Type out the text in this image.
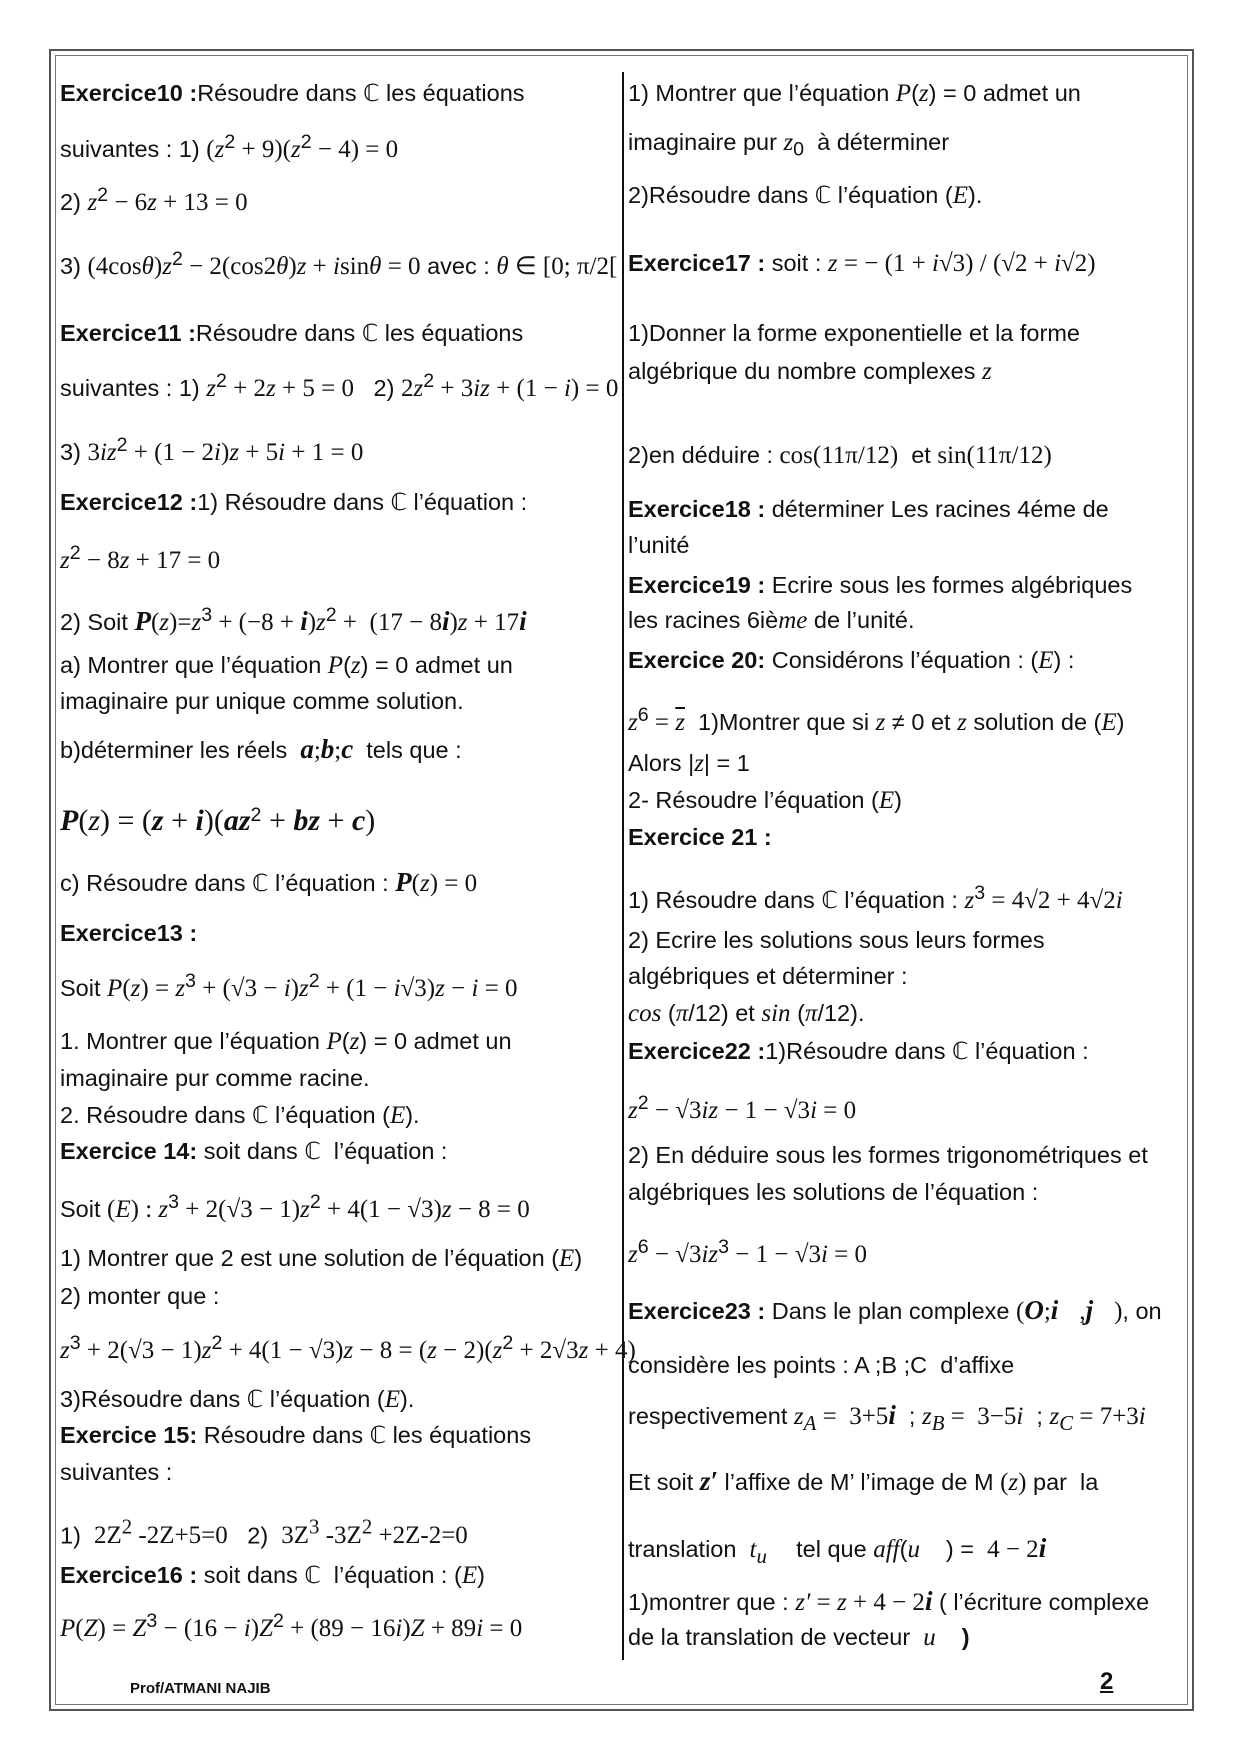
Exercice10 :Résoudre dans ℂ les équations
suivantes : 1) $(z^2 + 9)(z^2 - 4) = 0$
2) $z^2 - 6z + 13 = 0$
3) $(4\cos\theta)z^2 - 2(\cos 2\theta)z + isin\theta = 0$ avec : θ ∈ [0; π/2[
Exercice11 :Résoudre dans ℂ les équations
suivantes : 1) $z^2 + 2z + 5 = 0$   2) $2z^2 + 3iz + (1 - i) = 0$
3) $3iz^2 + (1 - 2i)z + 5i + 1 = 0$
Exercice12 :1) Résoudre dans ℂ l’équation :
$z^2 - 8z + 17 = 0$
2) Soit $P(z)=z^3 + (-8 + i)z^2 + (17 - 8i)z + 17i$
a) Montrer que l’équation P(z) = 0 admet un
imaginaire pur unique comme solution.
b)déterminer les réels  a;b;c  tels que :
$P(z) = (z + i)(az^2$ + bz + c)
c) Résoudre dans ℂ l’équation : P(z) = 0
Exercice13 :
Soit $P(z) = z^3 + (√3 - i)z^2 + (1 - i√3)z - i = 0$
1. Montrer que l’équation P(z) = 0 admet un
imaginaire pur comme racine.
2. Résoudre dans ℂ l’équation (E).
Exercice 14: soit dans ℂ  l’équation :
Soit (E) : $z^3 + 2(√3 - 1)z^2 + 4(1 - √3)z - 8 = 0$
1) Montrer que 2 est une solution de l’équation (E)
2) monter que :
$z^3 + 2(√3 - 1)z^2 + 4(1 - √3)z - 8 = (z - 2)(z^2 + 2√3z + 4)$
3)Résoudre dans ℂ l’équation (E).
Exercice 15: Résoudre dans ℂ les équations
suivantes :
1)  $2Z^2$ -2Z+5=0   2)  $3Z^3$ $-3Z^2 +2Z-2=0$
Exercice16 : soit dans ℂ  l’équation : (E)
$P(Z) = Z^3 - (16 - i)Z^2 + (89 - 16i)Z + 89i = 0$
1) Montrer que l’équation P(z) = 0 admet un
imaginaire pur $z_0$  à déterminer
2)Résoudre dans ℂ l’équation (E).
Exercice17 : soit : z = − (1 + i√3) / (√2 + i√2)
1)Donner la forme exponentielle et la forme
algébrique du nombre complexes z
2)en déduire : cos(11π/12)  et sin(11π/12)
Exercice18 : déterminer Les racines 4éme de
l’unité
Exercice19 : Ecrire sous les formes algébriques
les racines 6ième de l’unité.
Exercice 20: Considérons l’équation : (E) :
$z^6 = \overline{z}$  1)Montrer que si z ≠ 0 et z solution de (E)
Alors |z| = 1
2- Résoudre l’équation (E)
Exercice 21 :
1) Résoudre dans ℂ l’équation : $z^3 = 4√2 + 4√2i$
2) Ecrire les solutions sous leurs formes
algébriques et déterminer :
cos (π/12) et sin (π/12).
Exercice22 :1)Résoudre dans ℂ l’équation :
$z^2 - √3iz - 1 - √3i = 0$
2) En déduire sous les formes trigonométriques et
algébriques les solutions de l’équation :
$z^6 - √3iz^3 - 1 - √3i = 0$
Exercice23 : Dans le plan complexe (O;i⃗,j⃗), on
considère les points : A ;B ;C  d’affixe
respectivement $z_A = 3+5i$  ; $z_B = 3-5i$  ; $z_C = 7+3i$
Et soit z′ l’affixe de M’ l’image de M (z) par  la
translation  $t_{u⃗}$  tel que aff(u⃗ ) =  4 − 2i
1)montrer que : z′ = z + 4 − 2i ( l’écriture complexe
de la translation de vecteur  u⃗ )
Prof/ATMANI NAJIB	2
